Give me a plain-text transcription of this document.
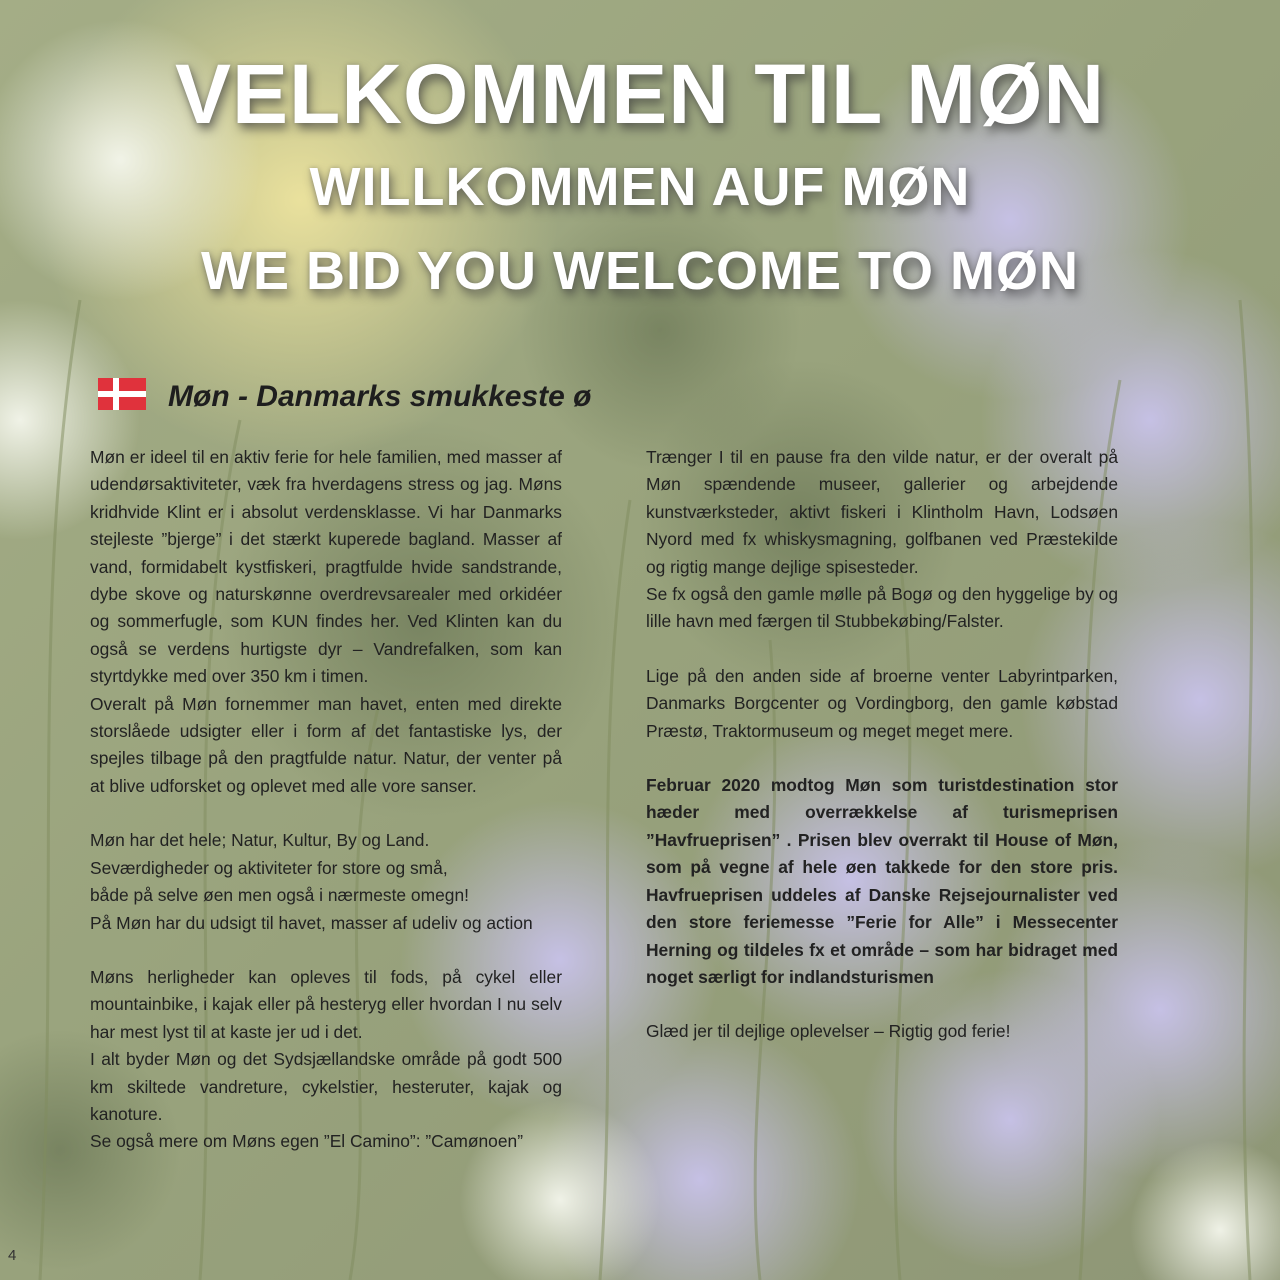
VELKOMMEN TIL MØN
WILLKOMMEN AUF MØN
WE BID YOU WELCOME TO MØN
Møn - Danmarks smukkeste ø

Møn er ideel til en aktiv ferie for hele familien, med masser af udendørsaktiviteter, væk fra hverdagens stress og jag. Møns kridhvide Klint er i absolut verdensklasse. Vi har Danmarks stejleste ”bjerge” i det stærkt kuperede bagland. Masser af vand, formidabelt kystfiskeri, pragtfulde hvide sandstrande, dybe skove og naturskønne overdrevsarealer med orkidéer og sommerfugle, som KUN findes her. Ved Klinten kan du også se verdens hurtigste dyr – Vandrefalken, som kan styrtdykke med over 350 km i timen.

Overalt på Møn fornemmer man havet, enten med direkte storslåede udsigter eller i form af det fantastiske lys, der spejles tilbage på den pragtfulde natur. Natur, der venter på at blive udforsket og oplevet med alle vore sanser.

Møn har det hele; Natur, Kultur, By og Land.

Seværdigheder og aktiviteter for store og små,

både på selve øen men også i nærmeste omegn!

På Møn har du udsigt til havet, masser af udeliv og action

Møns herligheder kan opleves til fods, på cykel eller mountainbike, i kajak eller på hesteryg eller hvordan I nu selv har mest lyst til at kaste jer ud i det.

I alt byder Møn og det Sydsjællandske område på godt 500 km skiltede vandreture, cykelstier, hesteruter, kajak og kanoture.

Se også mere om Møns egen ”El Camino”: ”Camønoen”

Trænger I til en pause fra den vilde natur, er der overalt på Møn spændende museer, gallerier og arbejdende kunstværksteder, aktivt fiskeri i Klintholm Havn, Lodsøen Nyord med fx whiskysmagning, golfbanen ved Præstekilde og rigtig mange dejlige spisesteder.

Se fx også den gamle mølle på Bogø og den hyggelige by og lille havn med færgen til Stubbekøbing/Falster.

Lige på den anden side af broerne venter Labyrintparken, Danmarks Borgcenter og Vordingborg, den gamle købstad Præstø, Traktormuseum og meget meget mere.

Februar 2020 modtog Møn som turistdestination stor hæder med overrækkelse af turismeprisen ”Havfrueprisen” . Prisen blev overrakt til House of Møn, som på vegne af hele øen takkede for den store pris. Havfrueprisen uddeles af Danske Rejsejournalister ved den store feriemesse ”Ferie for Alle” i Messecenter Herning og tildeles fx et område – som har bidraget med noget særligt for indlandsturismen

Glæd jer til dejlige oplevelser – Rigtig god ferie!

4
